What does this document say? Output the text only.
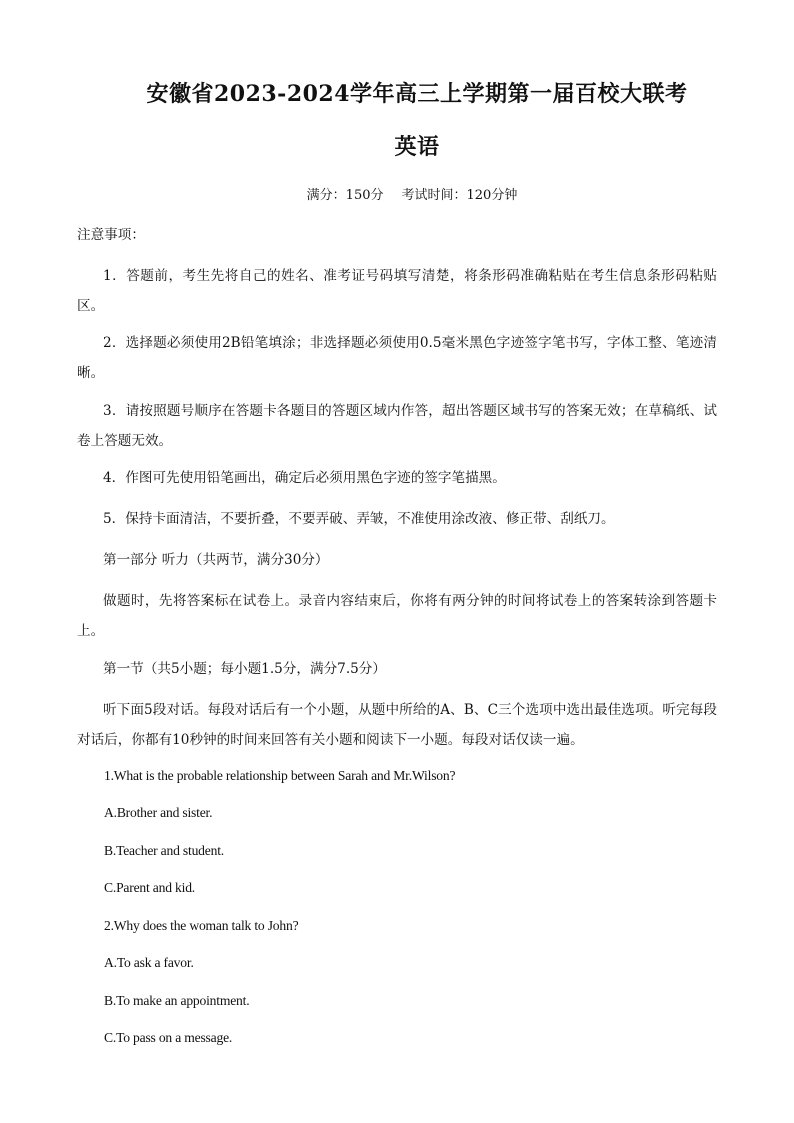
安徽省2023-2024学年高三上学期第一届百校大联考
英语
满分：150分 考试时间：120分钟
注意事项：
1．答题前，考生先将自己的姓名、准考证号码填写清楚，将条形码准确粘贴在考生信息条形码粘贴区。
2．选择题必须使用2B铅笔填涂；非选择题必须使用0.5毫米黑色字迹签字笔书写，字体工整、笔迹清晰。
3．请按照题号顺序在答题卡各题目的答题区域内作答，超出答题区域书写的答案无效；在草稿纸、试卷上答题无效。
4．作图可先使用铅笔画出，确定后必须用黑色字迹的签字笔描黑。
5．保持卡面清洁，不要折叠，不要弄破、弄皱，不准使用涂改液、修正带、刮纸刀。
第一部分 听力（共两节，满分30分）
做题时，先将答案标在试卷上。录音内容结束后，你将有两分钟的时间将试卷上的答案转涂到答题卡上。
第一节（共5小题；每小题1.5分，满分7.5分）
听下面5段对话。每段对话后有一个小题，从题中所给的A、B、C三个选项中选出最佳选项。听完每段对话后，你都有10秒钟的时间来回答有关小题和阅读下一小题。每段对话仅读一遍。
1.What is the probable relationship between Sarah and Mr.Wilson?
A.Brother and sister.
B.Teacher and student.
C.Parent and kid.
2.Why does the woman talk to John?
A.To ask a favor.
B.To make an appointment.
C.To pass on a message.
